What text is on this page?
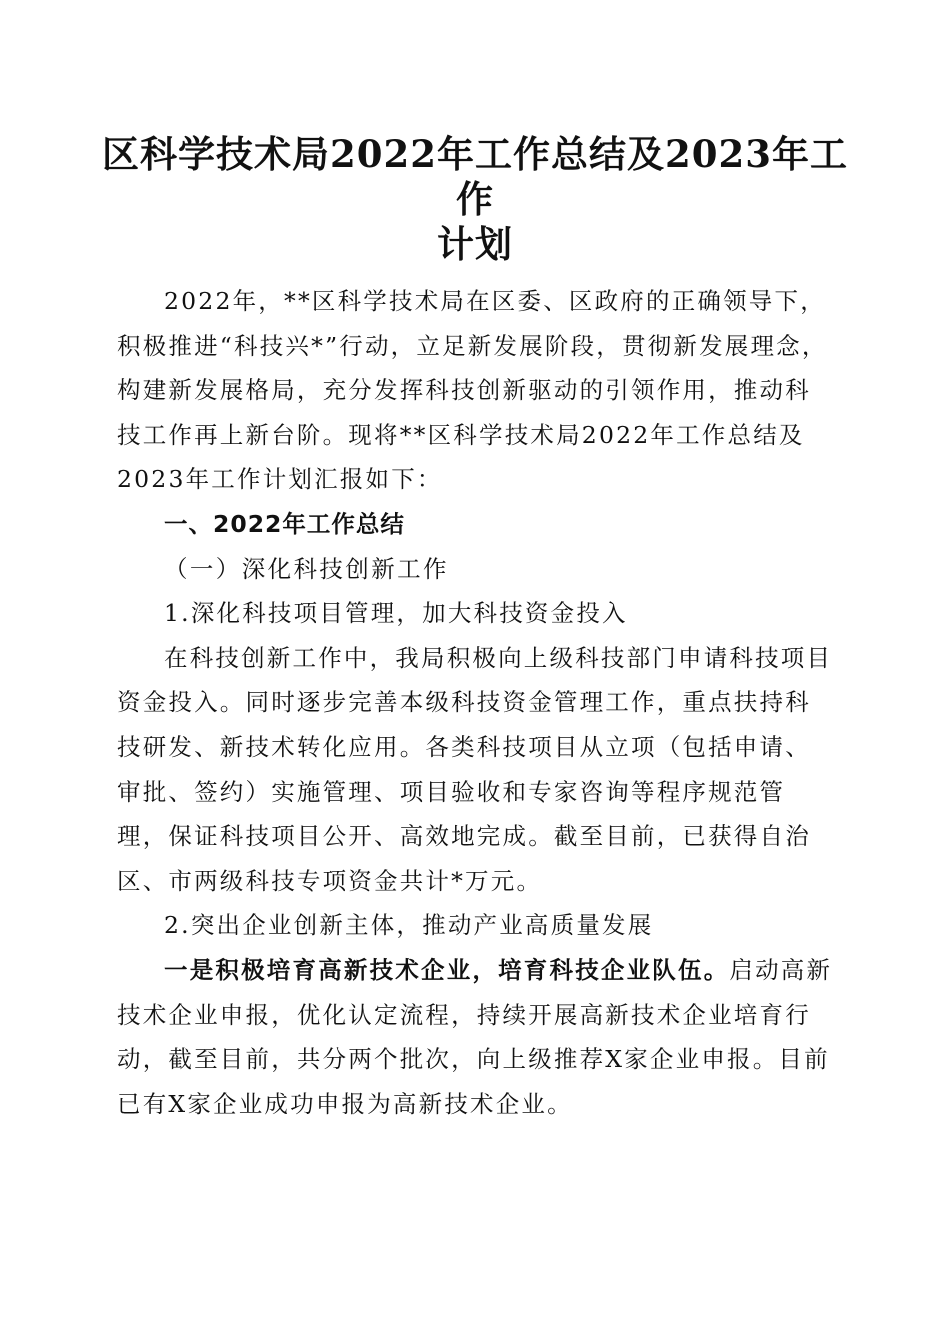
区科学技术局2022年工作总结及2023年工作
计划

2022年，**区科学技术局在区委、区政府的正确领导下，积极推进“科技兴*”行动，立足新发展阶段，贯彻新发展理念，构建新发展格局，充分发挥科技创新驱动的引领作用，推动科技工作再上新台阶。现将**区科学技术局2022年工作总结及2023年工作计划汇报如下：

一、2022年工作总结

（一）深化科技创新工作

1.深化科技项目管理，加大科技资金投入

在科技创新工作中，我局积极向上级科技部门申请科技项目资金投入。同时逐步完善本级科技资金管理工作，重点扶持科技研发、新技术转化应用。各类科技项目从立项（包括申请、审批、签约）实施管理、项目验收和专家咨询等程序规范管理，保证科技项目公开、高效地完成。截至目前，已获得自治区、市两级科技专项资金共计*万元。

2.突出企业创新主体，推动产业高质量发展

一是积极培育高新技术企业，培育科技企业队伍。启动高新技术企业申报，优化认定流程，持续开展高新技术企业培育行动，截至目前，共分两个批次，向上级推荐X家企业申报。目前已有X家企业成功申报为高新技术企业。
